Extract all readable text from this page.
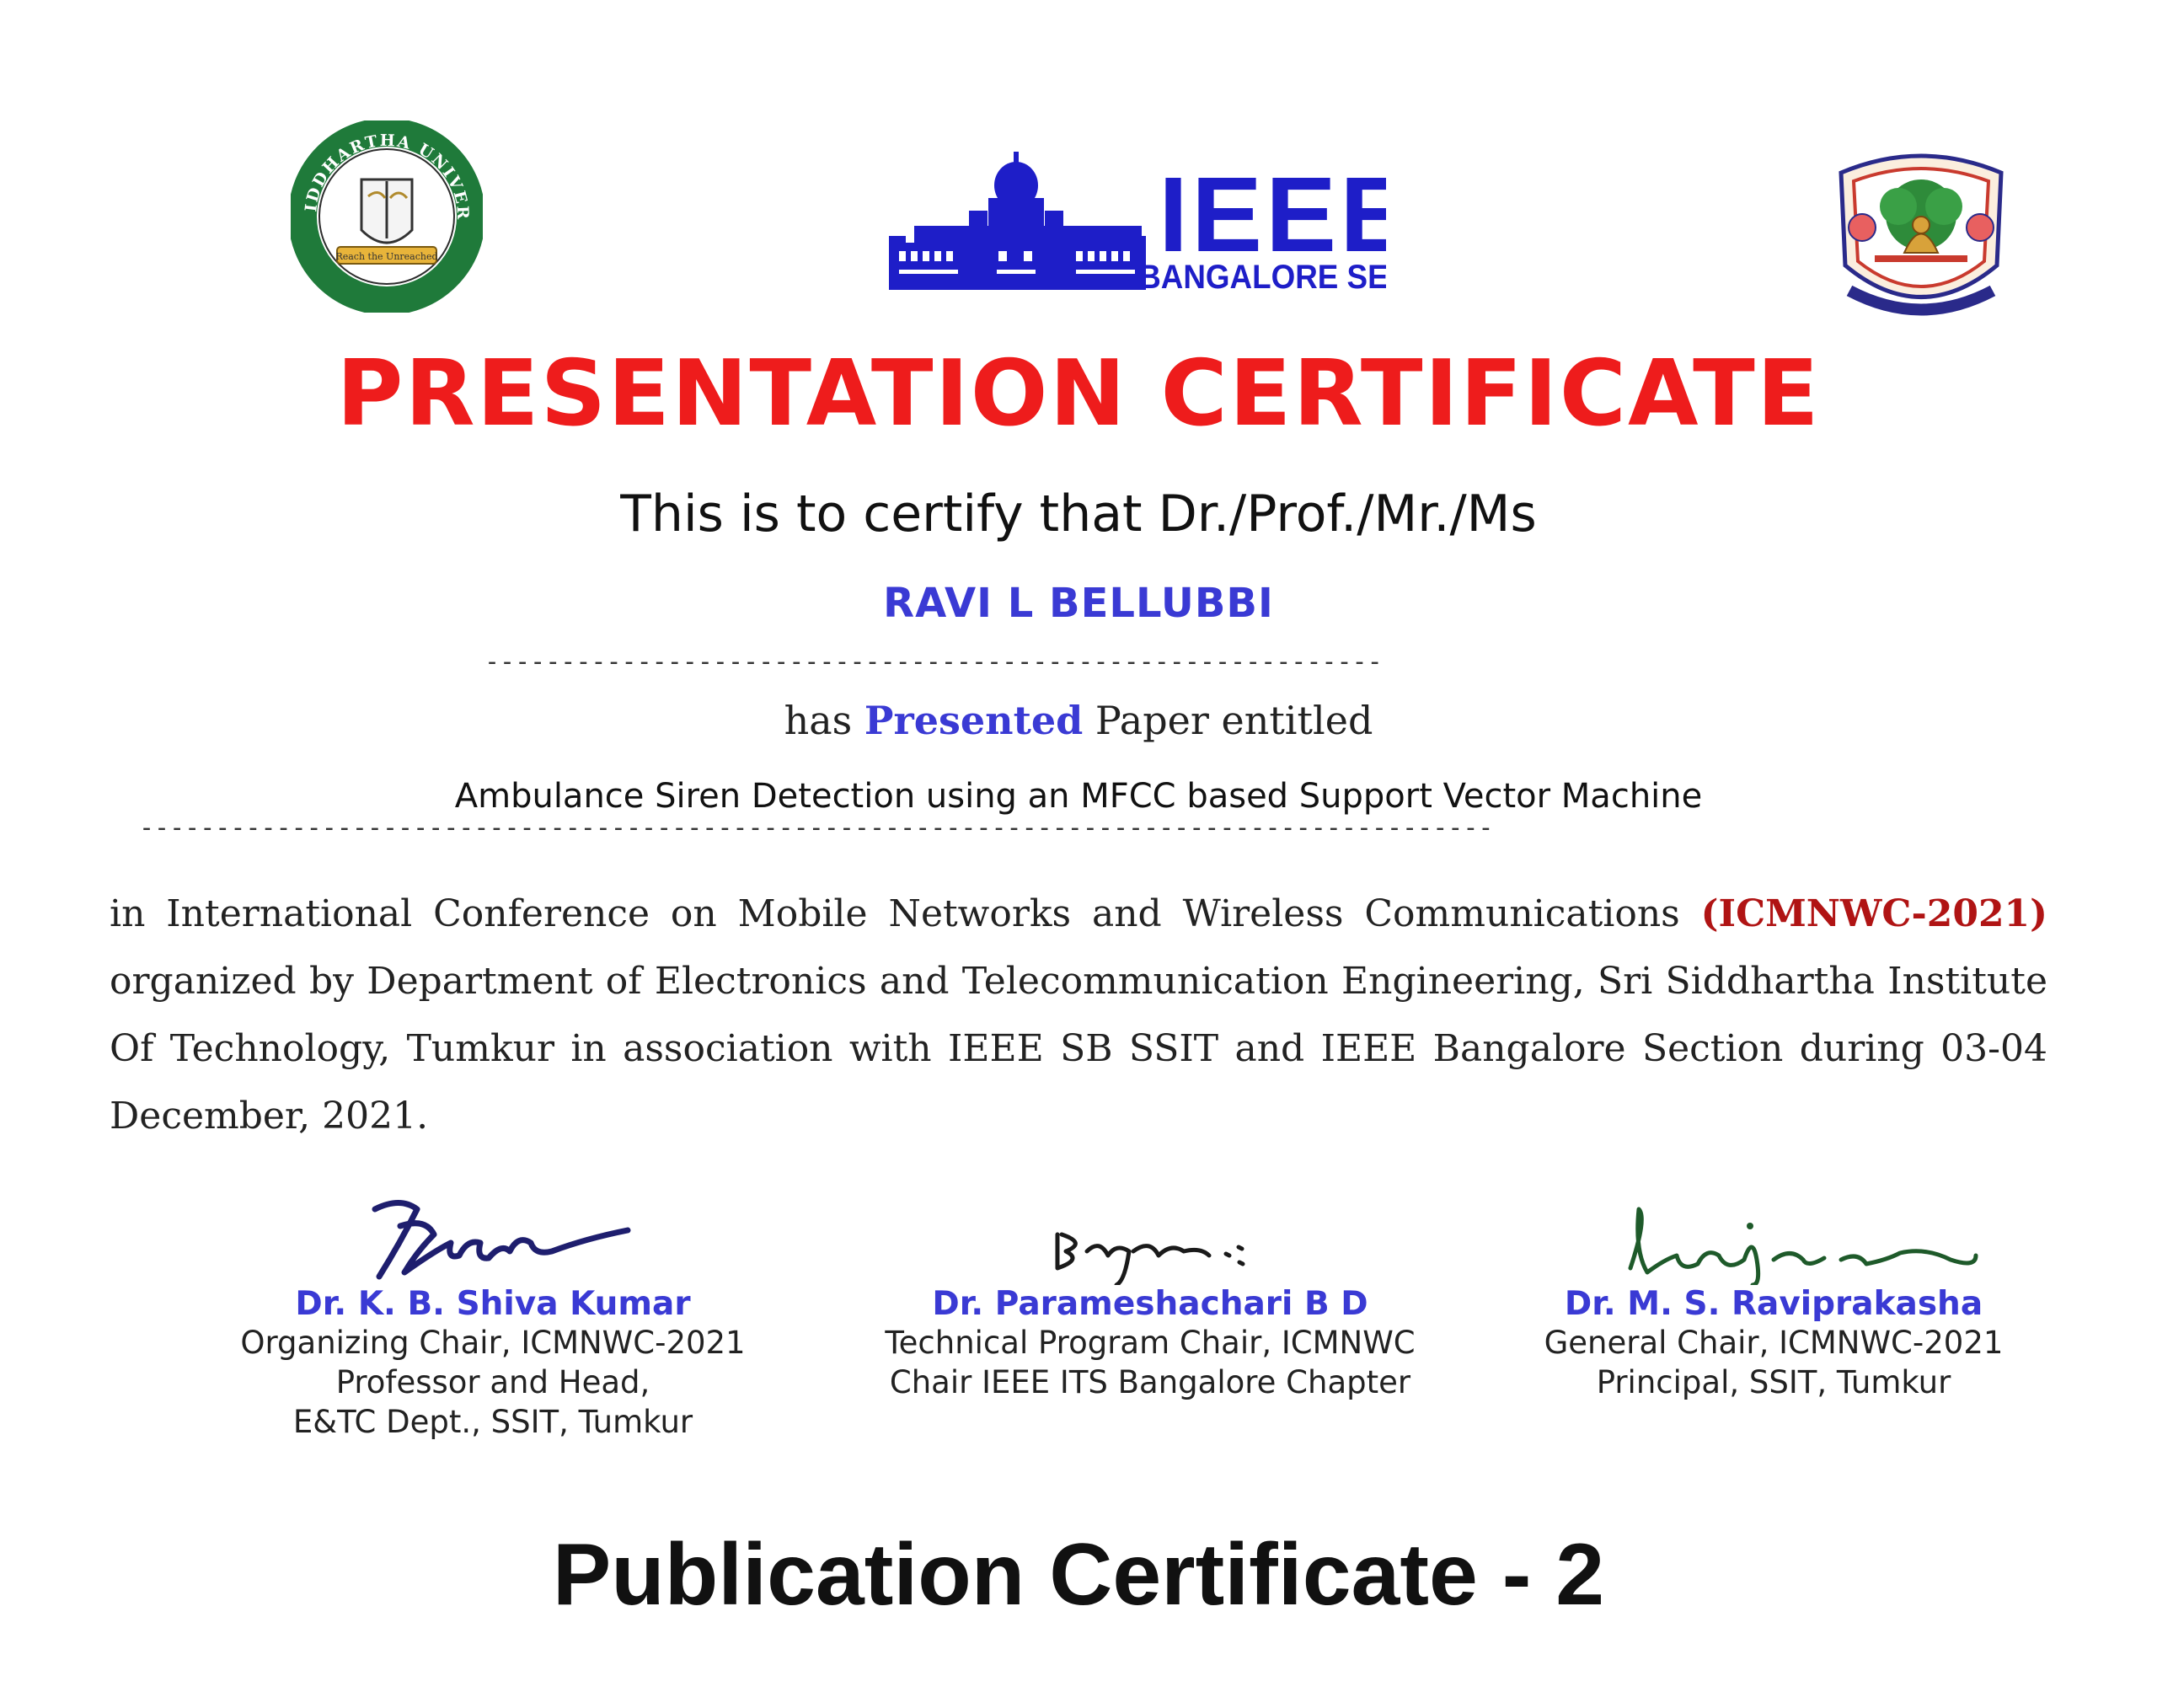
IDDHARTHA UNIVER
Reach the Unreached	IEEE
BANGALORE S
PRESENTATION CERTIFICATE
This is to certify that Dr./Prof./Mr./Ms
RAVI L BELLUBBI
-----------------------------------------------------------
has Presented Paper entitled
Ambulance Siren Detection using an MFCC based Support Vector Machine
-----------------------------------------------------------------------------------------
in International Conference on Mobile Networks and Wireless Communications (ICMNWC-2021) organized by Department of Electronics and Telecommunication Engineering, Sri Siddhartha Institute Of Technology, Tumkur in association with IEEE SB SSIT and IEEE Bangalore Section during 03-04 December, 2021.
Dr. K. B. Shiva Kumar
Organizing Chair, ICMNWC-2021
Professor and Head,
E&TC Dept., SSIT, Tumkur
Dr. Parameshachari B D
Technical Program Chair, ICMNWC
Chair IEEE ITS Bangalore Chapter
Dr. M. S. Raviprakasha
General Chair, ICMNWC-2021
Principal, SSIT, Tumkur
Publication Certificate - 2
